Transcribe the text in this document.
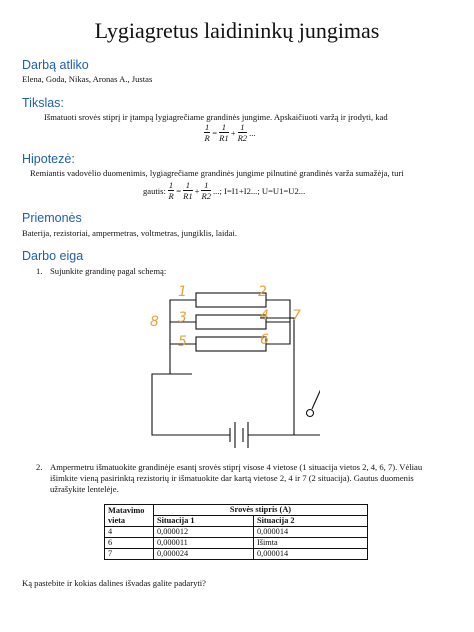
Lygiagretus laidininkų jungimas
Darbą atliko
Elena, Goda, Nikas, Aronas A., Justas
Tikslas:
Išmatuoti srovės stiprį ir įtampą lygiagrečiame grandinės jungime. Apskaičiuoti varžą ir įrodyti, kad
$\frac{1}{R} = \frac{1}{R1} + \frac{1}{R2}$ ...
Hipotezė:
Remiantis vadovėlio duomenimis, lygiagrečiame grandinės jungime pilnutinė grandinės varža sumažėja, turi
gautis: $\frac{1}{R} = \frac{1}{R1} + \frac{1}{R2}$ ...; I=I1+I2...; U=U1=U2...
Priemonės
Baterija, rezistoriai, ampermetras, voltmetras, jungiklis, laidai.
Darbo eiga
1. Sujunkite grandinę pagal schemą:
1	2
3	4
5	6
7
8
2. Ampermetru išmatuokite grandinėje esantį srovės stiprį visose 4 vietose (1 situacija vietos 2, 4, 6, 7). Vėliau išimkite vieną pasirinktą rezistorių ir išmatuokite dar kartą vietose 2, 4 ir 7 (2 situacija). Gautus duomenis užrašykite lentelėje.
Matavimo vieta	Srovės stipris (A)	
	Situacija 1	Situacija 2
4	0,000012	0,000014
6	0,000011	Išimta
7	0,000024	0,000014
Ką pastebite ir kokias dalines išvadas galite padaryti?
